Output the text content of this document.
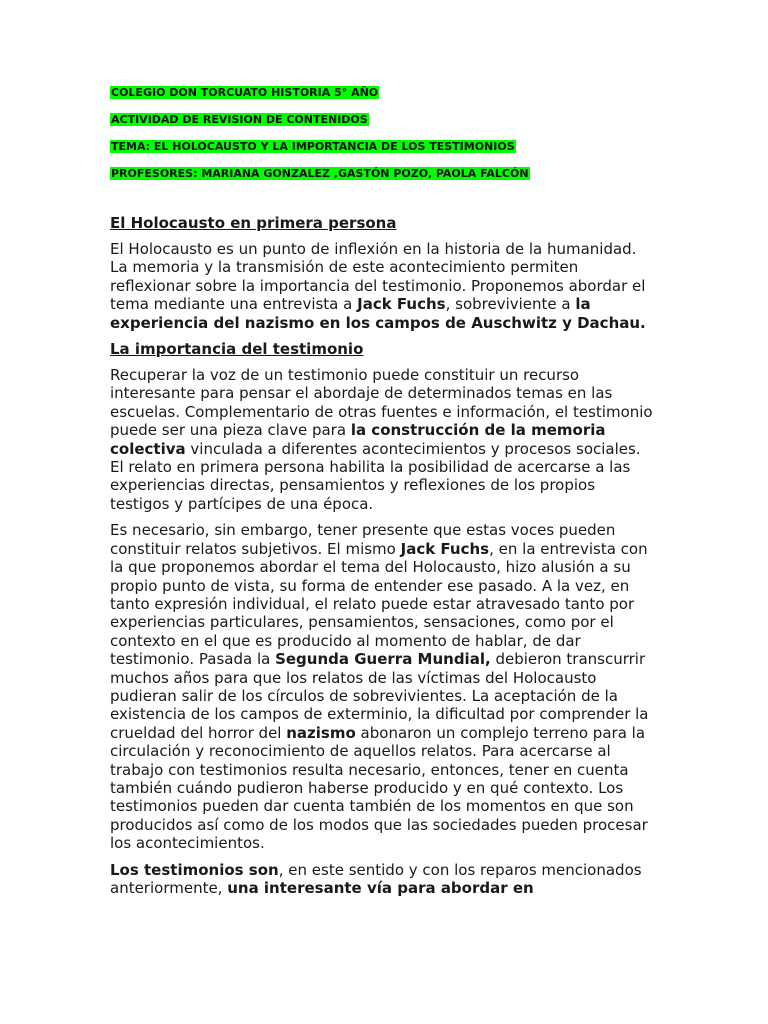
COLEGIO DON TORCUATO HISTORIA 5° AÑO
ACTIVIDAD DE REVISION DE CONTENIDOS
TEMA: EL HOLOCAUSTO Y LA IMPORTANCIA DE LOS TESTIMONIOS
PROFESORES: MARIANA GONZALEZ ,GASTÓN POZO, PAOLA FALCÓN
El Holocausto en primera persona

El Holocausto es un punto de inflexión en la historia de la humanidad. La memoria y la transmisión de este acontecimiento permiten reflexionar sobre la importancia del testimonio. Proponemos abordar el tema mediante una entrevista a Jack Fuchs, sobreviviente a la experiencia del nazismo en los campos de Auschwitz y Dachau.

La importancia del testimonio

Recuperar la voz de un testimonio puede constituir un recurso interesante para pensar el abordaje de determinados temas en las escuelas. Complementario de otras fuentes e información, el testimonio puede ser una pieza clave para la construcción de la memoria colectiva vinculada a diferentes acontecimientos y procesos sociales. El relato en primera persona habilita la posibilidad de acercarse a las experiencias directas, pensamientos y reflexiones de los propios testigos y partícipes de una época.

Es necesario, sin embargo, tener presente que estas voces pueden constituir relatos subjetivos. El mismo Jack Fuchs, en la entrevista con la que proponemos abordar el tema del Holocausto, hizo alusión a su propio punto de vista, su forma de entender ese pasado. A la vez, en tanto expresión individual, el relato puede estar atravesado tanto por experiencias particulares, pensamientos, sensaciones, como por el contexto en el que es producido al momento de hablar, de dar testimonio. Pasada la Segunda Guerra Mundial, debieron transcurrir muchos años para que los relatos de las víctimas del Holocausto pudieran salir de los círculos de sobrevivientes. La aceptación de la existencia de los campos de exterminio, la dificultad por comprender la crueldad del horror del nazismo abonaron un complejo terreno para la circulación y reconocimiento de aquellos relatos. Para acercarse al trabajo con testimonios resulta necesario, entonces, tener en cuenta también cuándo pudieron haberse producido y en qué contexto. Los testimonios pueden dar cuenta también de los momentos en que son producidos así como de los modos que las sociedades pueden procesar los acontecimientos.

Los testimonios son, en este sentido y con los reparos mencionados anteriormente, una interesante vía para abordar en
